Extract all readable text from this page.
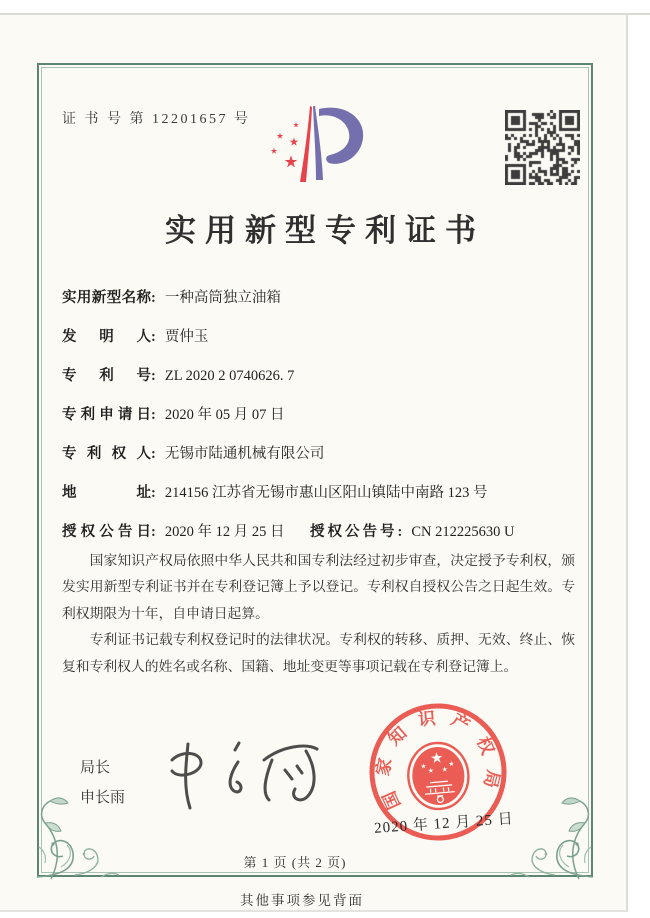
证 书 号 第 12201657 号
实用新型专利证书
实用新型名称: 一种高筒独立油箱
发明人: 贾仲玉
专利号: ZL 2020 2 0740626. 7
专利申请日: 2020 年 05 月 07 日
专利权人: 无锡市陆通机械有限公司
地址: 214156 江苏省无锡市惠山区阳山镇陆中南路 123 号
授权公告日: 2020 年 12 月 25 日 授权公告号: CN 212225630 U

国家知识产权局依照中华人民共和国专利法经过初步审查，决定授予专利权，颁发实用新型专利证书并在专利登记簿上予以登记。专利权自授权公告之日起生效。专利权期限为十年，自申请日起算。

专利证书记载专利权登记时的法律状况。专利权的转移、质押、无效、终止、恢复和专利权人的姓名或名称、国籍、地址变更等事项记载在专利登记簿上。

局长
申长雨	国家知识产权局
2020 年 12 月 25 日
第 1 页 (共 2 页)
其他事项参见背面
